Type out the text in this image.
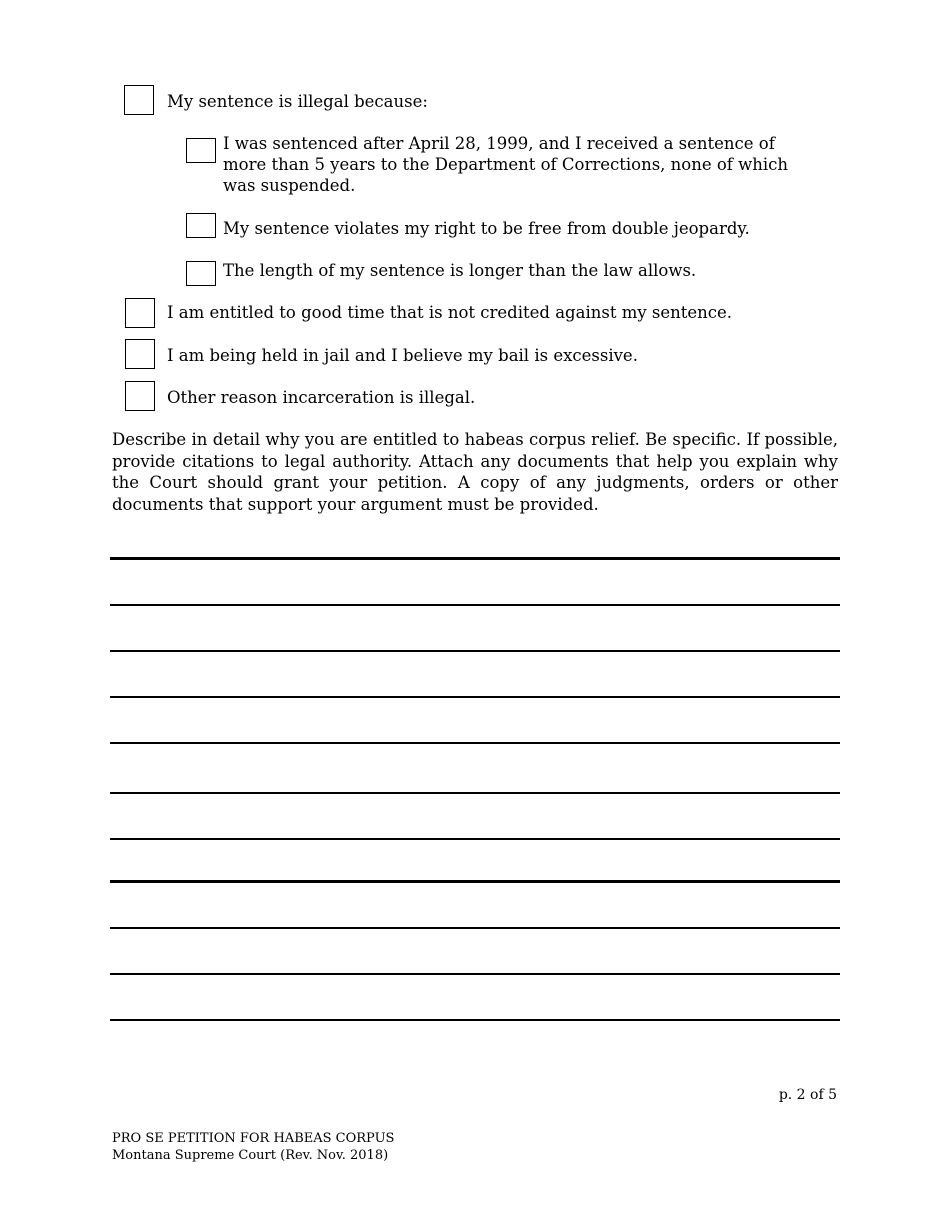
My sentence is illegal because:
I was sentenced after April 28, 1999, and I received a sentence of more than 5 years to the Department of Corrections, none of which was suspended.
My sentence violates my right to be free from double jeopardy.
The length of my sentence is longer than the law allows.
I am entitled to good time that is not credited against my sentence.
I am being held in jail and I believe my bail is excessive.
Other reason incarceration is illegal.
Describe in detail why you are entitled to habeas corpus relief. Be specific. If possible, provide citations to legal authority. Attach any documents that help you explain why the Court should grant your petition. A copy of any judgments, orders or other documents that support your argument must be provided.
p. 2 of 5
PRO SE PETITION FOR HABEAS CORPUS
Montana Supreme Court (Rev. Nov. 2018)
